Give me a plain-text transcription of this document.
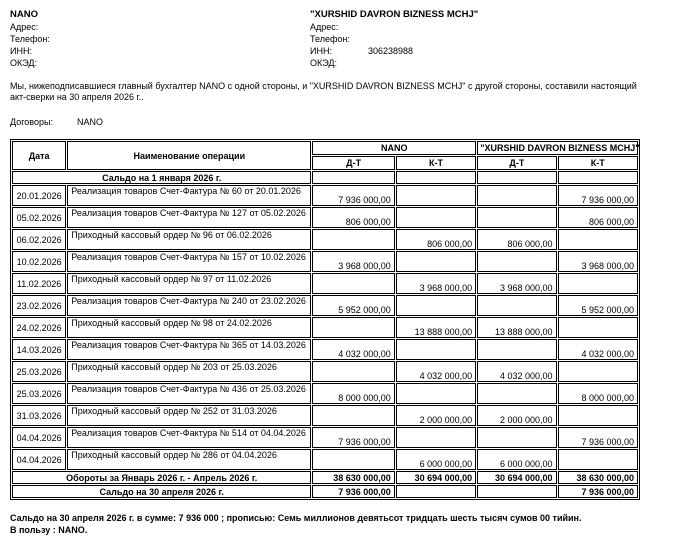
NANO
Адрес:
Телефон:
ИНН:
ОКЭД:
"XURSHID DAVRON BIZNESS MCHJ"
Адрес:
Телефон:
ИНН:	306238988
ОКЭД:
Мы, нижеподписавшиеся главный бухгалтер NANO с одной стороны, и "XURSHID DAVRON BIZNESS MCHJ" с другой стороны, составили настоящий акт-сверки на 30 апреля 2026 г..
Договоры:	NANO
Дата	Наименование операции	NANO		"XURSHID DAVRON BIZNESS MCHJ"	
		Д-Т	К-Т	Д-Т	К-Т
Сальдо на 1 января 2026 г.					
20.01.2026	Реализация товаров Счет-Фактура № 60 от 20.01.2026	7 936 000,00			7 936 000,00
05.02.2026	Реализация товаров Счет-Фактура № 127 от 05.02.2026	806 000,00			806 000,00
06.02.2026	Приходный кассовый ордер № 96 от 06.02.2026		806 000,00	806 000,00	
10.02.2026	Реализация товаров Счет-Фактура № 157 от 10.02.2026	3 968 000,00			3 968 000,00
11.02.2026	Приходный кассовый ордер № 97 от 11.02.2026		3 968 000,00	3 968 000,00	
23.02.2026	Реализация товаров Счет-Фактура № 240 от 23.02.2026	5 952 000,00			5 952 000,00
24.02.2026	Приходный кассовый ордер № 98 от 24.02.2026		13 888 000,00	13 888 000,00	
14.03.2026	Реализация товаров Счет-Фактура № 365 от 14.03.2026	4 032 000,00			4 032 000,00
25.03.2026	Приходный кассовый ордер № 203 от 25.03.2026		4 032 000,00	4 032 000,00	
25.03.2026	Реализация товаров Счет-Фактура № 436 от 25.03.2026	8 000 000,00			8 000 000,00
31.03.2026	Приходный кассовый ордер № 252 от 31.03.2026		2 000 000,00	2 000 000,00	
04.04.2026	Реализация товаров Счет-Фактура № 514 от 04.04.2026	7 936 000,00			7 936 000,00
04.04.2026	Приходный кассовый ордер № 286 от 04.04.2026		6 000 000,00	6 000 000,00	
Обороты за Январь 2026 г. - Апрель 2026 г.		38 630 000,00	30 694 000,00	30 694 000,00	38 630 000,00
Сальдо на 30 апреля 2026 г.		7 936 000,00			7 936 000,00
Сальдо на 30 апреля 2026 г. в сумме: 7 936 000 ; прописью: Семь миллионов девятьсот тридцать шесть тысяч сумов 00 тийин.
В пользу : NANO.
